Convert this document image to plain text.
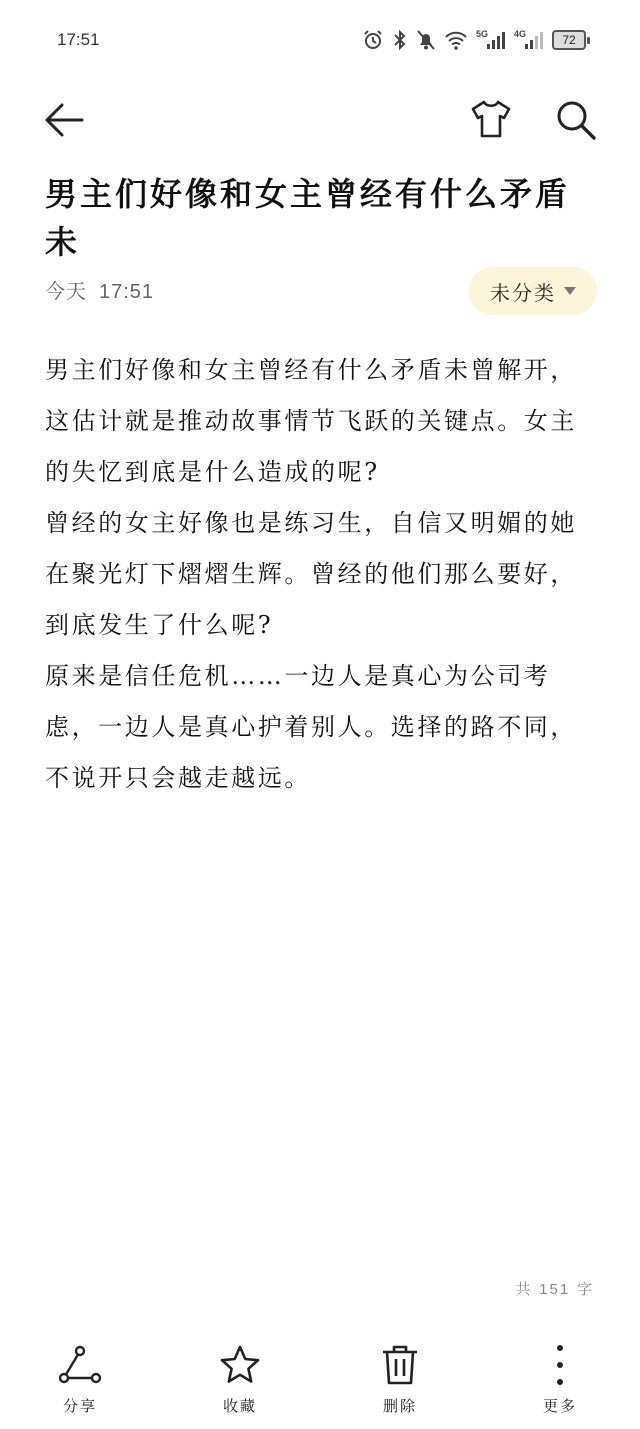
17:51	5G	4G	72
男主们好像和女主曾经有什么矛盾未
今天 17:51	未分类

男主们好像和女主曾经有什么矛盾未曾解开，这估计就是推动故事情节飞跃的关键点。女主的失忆到底是什么造成的呢?

曾经的女主好像也是练习生，自信又明媚的她在聚光灯下熠熠生辉。曾经的他们那么要好，到底发生了什么呢?

原来是信任危机……一边人是真心为公司考虑，一边人是真心护着别人。选择的路不同，不说开只会越走越远。

共 151 字
分享	收藏	删除	更多
